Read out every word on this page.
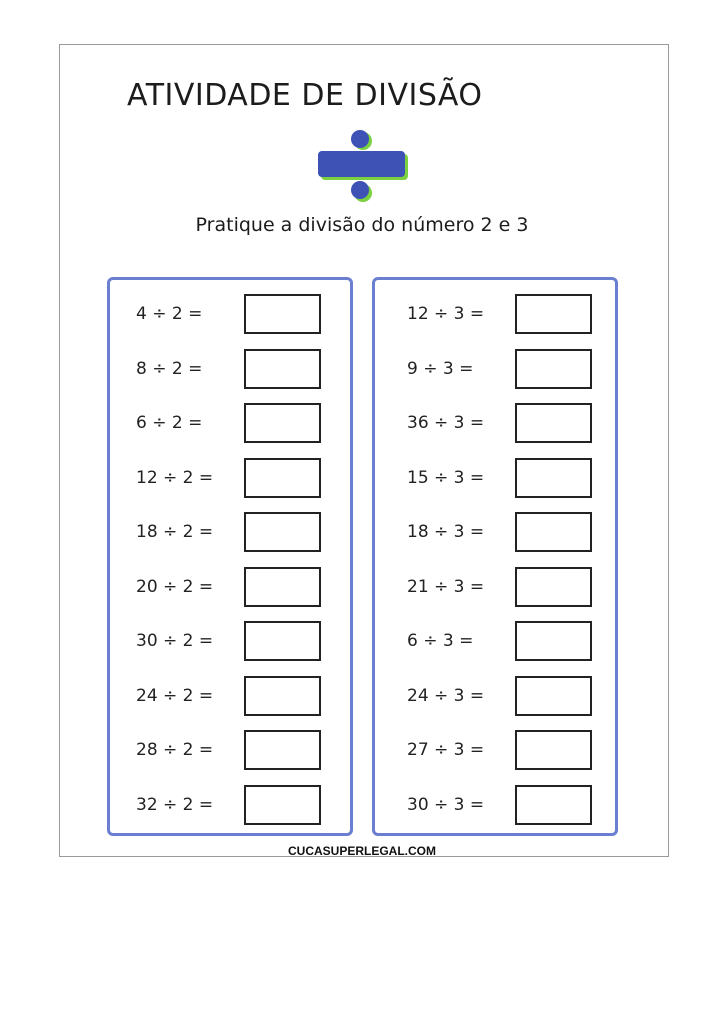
ATIVIDADE DE DIVISÃO
Pratique a divisão do número 2 e 3
4 ÷ 2 =
8 ÷ 2 =
6 ÷ 2 =
12 ÷ 2 =
18 ÷ 2 =
20 ÷ 2 =
30 ÷ 2 =
24 ÷ 2 =
28 ÷ 2 =
32 ÷ 2 =
12 ÷ 3 =
9 ÷ 3 =
36 ÷ 3 =
15 ÷ 3 =
18 ÷ 3 =
21 ÷ 3 =
6 ÷ 3 =
24 ÷ 3 =
27 ÷ 3 =
30 ÷ 3 =
CUCASUPERLEGAL.COM
